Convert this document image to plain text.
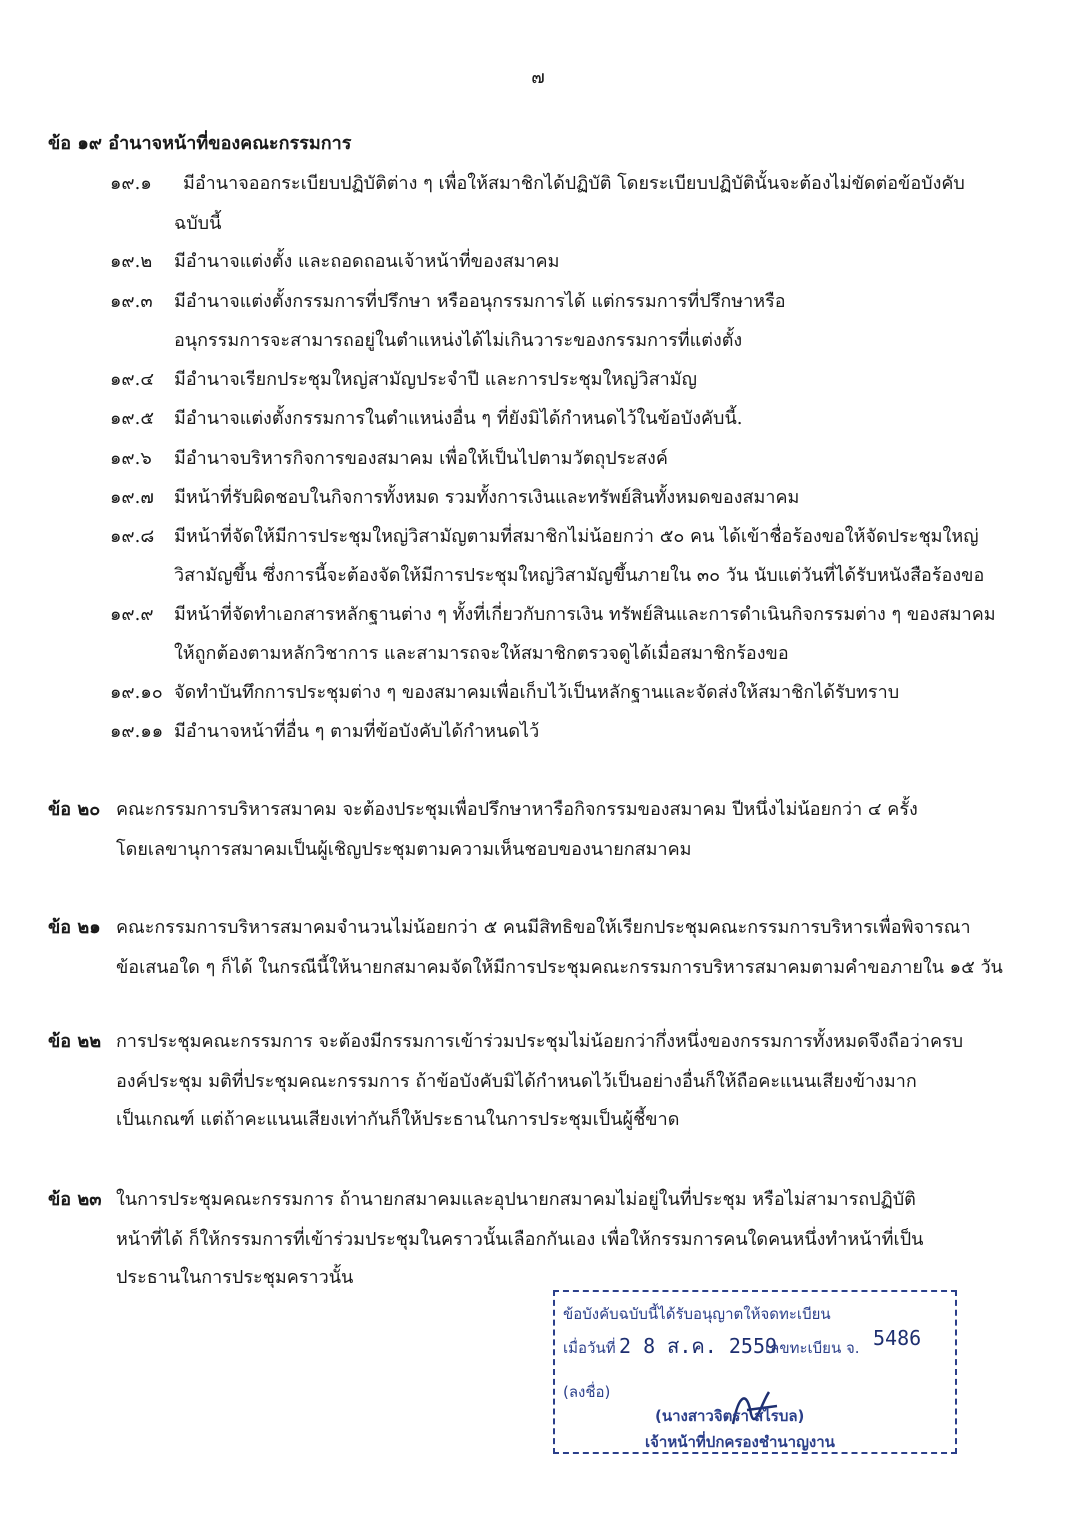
๗
ข้อ ๑๙ อำนาจหน้าที่ของคณะกรรมการ
๑๙.๑ มีอำนาจออกระเบียบปฏิบัติต่าง ๆ เพื่อให้สมาชิกได้ปฏิบัติ โดยระเบียบปฏิบัตินั้นจะต้องไม่ขัดต่อข้อบังคับ
ฉบับนี้
๑๙.๒ มีอำนาจแต่งตั้ง และถอดถอนเจ้าหน้าที่ของสมาคม
๑๙.๓ มีอำนาจแต่งตั้งกรรมการที่ปรึกษา หรืออนุกรรมการได้ แต่กรรมการที่ปรึกษาหรือ
อนุกรรมการจะสามารถอยู่ในตำแหน่งได้ไม่เกินวาระของกรรมการที่แต่งตั้ง
๑๙.๔ มีอำนาจเรียกประชุมใหญ่สามัญประจำปี และการประชุมใหญ่วิสามัญ
๑๙.๕ มีอำนาจแต่งตั้งกรรมการในตำแหน่งอื่น ๆ ที่ยังมิได้กำหนดไว้ในข้อบังคับนี้.
๑๙.๖ มีอำนาจบริหารกิจการของสมาคม เพื่อให้เป็นไปตามวัตถุประสงค์
๑๙.๗ มีหน้าที่รับผิดชอบในกิจการทั้งหมด รวมทั้งการเงินและทรัพย์สินทั้งหมดของสมาคม
๑๙.๘ มีหน้าที่จัดให้มีการประชุมใหญ่วิสามัญตามที่สมาชิกไม่น้อยกว่า ๕๐ คน ได้เข้าชื่อร้องขอให้จัดประชุมใหญ่
วิสามัญขึ้น ซึ่งการนี้จะต้องจัดให้มีการประชุมใหญ่วิสามัญขึ้นภายใน ๓๐ วัน นับแต่วันที่ได้รับหนังสือร้องขอ
๑๙.๙ มีหน้าที่จัดทำเอกสารหลักฐานต่าง ๆ ทั้งที่เกี่ยวกับการเงิน ทรัพย์สินและการดำเนินกิจกรรมต่าง ๆ ของสมาคม
ให้ถูกต้องตามหลักวิชาการ และสามารถจะให้สมาชิกตรวจดูได้เมื่อสมาชิกร้องขอ
๑๙.๑๐ จัดทำบันทึกการประชุมต่าง ๆ ของสมาคมเพื่อเก็บไว้เป็นหลักฐานและจัดส่งให้สมาชิกได้รับทราบ
๑๙.๑๑ มีอำนาจหน้าที่อื่น ๆ ตามที่ข้อบังคับได้กำหนดไว้
ข้อ ๒๐ คณะกรรมการบริหารสมาคม จะต้องประชุมเพื่อปรึกษาหารือกิจกรรมของสมาคม ปีหนึ่งไม่น้อยกว่า ๔ ครั้ง
โดยเลขานุการสมาคมเป็นผู้เชิญประชุมตามความเห็นชอบของนายกสมาคม
ข้อ ๒๑ คณะกรรมการบริหารสมาคมจำนวนไม่น้อยกว่า ๕ คนมีสิทธิขอให้เรียกประชุมคณะกรรมการบริหารเพื่อพิจารณา
ข้อเสนอใด ๆ ก็ได้ ในกรณีนี้ให้นายกสมาคมจัดให้มีการประชุมคณะกรรมการบริหารสมาคมตามคำขอภายใน ๑๕ วัน
ข้อ ๒๒ การประชุมคณะกรรมการ จะต้องมีกรรมการเข้าร่วมประชุมไม่น้อยกว่ากึ่งหนึ่งของกรรมการทั้งหมดจึงถือว่าครบ
องค์ประชุม มติที่ประชุมคณะกรรมการ ถ้าข้อบังคับมิได้กำหนดไว้เป็นอย่างอื่นก็ให้ถือคะแนนเสียงข้างมาก
เป็นเกณฑ์ แต่ถ้าคะแนนเสียงเท่ากันก็ให้ประธานในการประชุมเป็นผู้ชี้ขาด
ข้อ ๒๓ ในการประชุมคณะกรรมการ ถ้านายกสมาคมและอุปนายกสมาคมไม่อยู่ในที่ประชุม หรือไม่สามารถปฏิบัติ
หน้าที่ได้ ก็ให้กรรมการที่เข้าร่วมประชุมในคราวนั้นเลือกกันเอง เพื่อให้กรรมการคนใดคนหนึ่งทำหน้าที่เป็น
ประธานในการประชุมคราวนั้น
ข้อบังคับฉบับนี้ได้รับอนุญาตให้จดทะเบียน
เมื่อวันที่ 2 8 ส.ค. 2559
เลขทะเบียน จ. 5486
(ลงชื่อ)
(นางสาวจิตรา สไรบล)
เจ้าหน้าที่ปกครองชำนาญงาน
